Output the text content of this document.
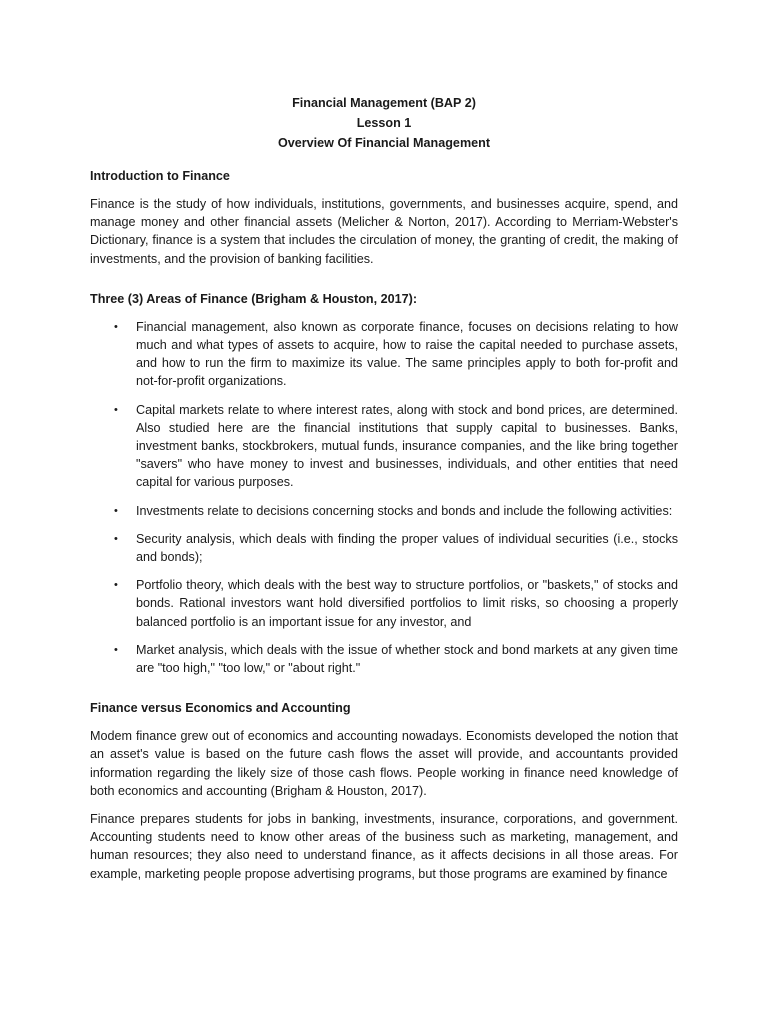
Financial Management (BAP 2)
Lesson 1
Overview Of Financial Management
Introduction to Finance

Finance is the study of how individuals, institutions, governments, and businesses acquire, spend, and manage money and other financial assets (Melicher & Norton, 2017). According to Merriam-Webster's Dictionary, finance is a system that includes the circulation of money, the granting of credit, the making of investments, and the provision of banking facilities.

Three (3) Areas of Finance (Brigham & Houston, 2017):
• Financial management, also known as corporate finance, focuses on decisions relating to how much and what types of assets to acquire, how to raise the capital needed to purchase assets, and how to run the firm to maximize its value. The same principles apply to both for-profit and not-for-profit organizations.
• Capital markets relate to where interest rates, along with stock and bond prices, are determined. Also studied here are the financial institutions that supply capital to businesses. Banks, investment banks, stockbrokers, mutual funds, insurance companies, and the like bring together "savers" who have money to invest and businesses, individuals, and other entities that need capital for various purposes.
• Investments relate to decisions concerning stocks and bonds and include the following activities:
• Security analysis, which deals with finding the proper values of individual securities (i.e., stocks and bonds);
• Portfolio theory, which deals with the best way to structure portfolios, or "baskets," of stocks and bonds. Rational investors want hold diversified portfolios to limit risks, so choosing a properly balanced portfolio is an important issue for any investor, and
• Market analysis, which deals with the issue of whether stock and bond markets at any given time are "too high," "too low," or "about right."
Finance versus Economics and Accounting

Modem finance grew out of economics and accounting nowadays. Economists developed the notion that an asset's value is based on the future cash flows the asset will provide, and accountants provided information regarding the likely size of those cash flows. People working in finance need knowledge of both economics and accounting (Brigham & Houston, 2017).

Finance prepares students for jobs in banking, investments, insurance, corporations, and government. Accounting students need to know other areas of the business such as marketing, management, and human resources; they also need to understand finance, as it affects decisions in all those areas. For example, marketing people propose advertising programs, but those programs are examined by finance
